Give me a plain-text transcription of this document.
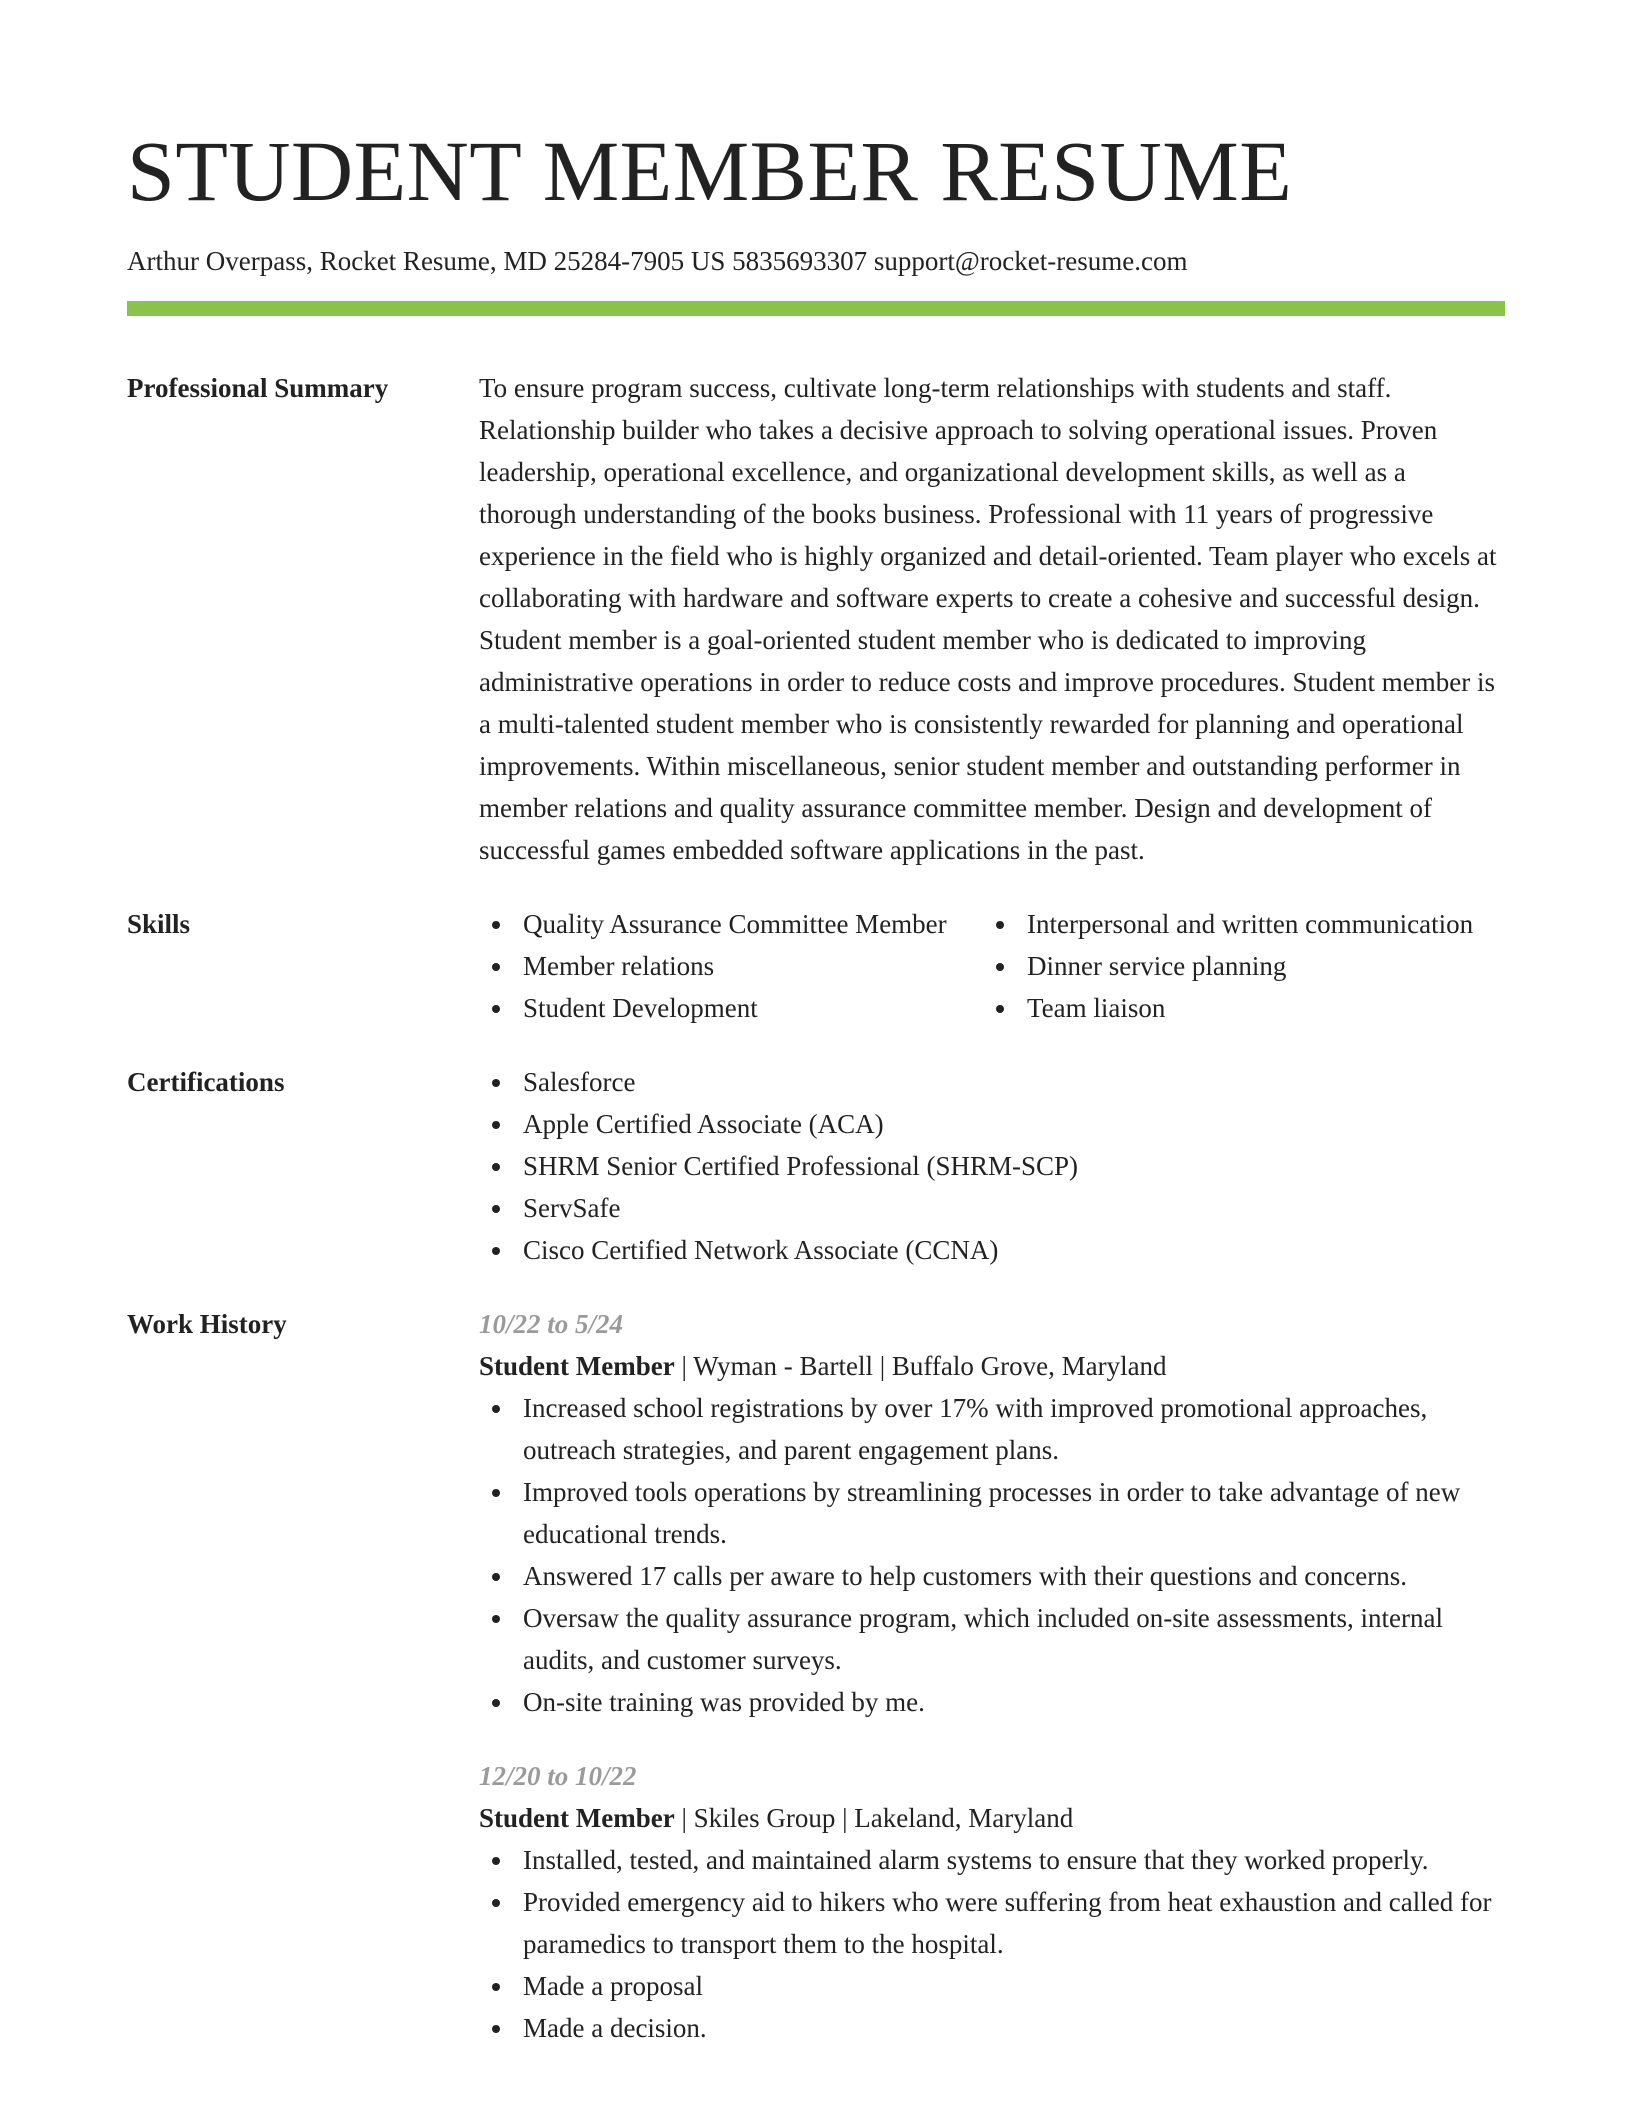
STUDENT MEMBER RESUME
Arthur Overpass, Rocket Resume, MD 25284-7905 US 5835693307 support@rocket-resume.com
Professional Summary	To ensure program success, cultivate long-term relationships with students and staff. Relationship builder who takes a decisive approach to solving operational issues. Proven leadership, operational excellence, and organizational development skills, as well as a thorough understanding of the books business. Professional with 11 years of progressive experience in the field who is highly organized and detail-oriented. Team player who excels at collaborating with hardware and software experts to create a cohesive and successful design. Student member is a goal-oriented student member who is dedicated to improving administrative operations in order to reduce costs and improve procedures. Student member is a multi-talented student member who is consistently rewarded for planning and operational improvements. Within miscellaneous, senior student member and outstanding performer in member relations and quality assurance committee member. Design and development of successful games embedded software applications in the past.
Skills	Quality Assurance Committee Member
Member relations
Student Development
Interpersonal and written communication
Dinner service planning
Team liaison
Certifications	Salesforce
Apple Certified Associate (ACA)
SHRM Senior Certified Professional (SHRM-SCP)
ServSafe
Cisco Certified Network Associate (CCNA)
Work History	10/22 to 5/24
Student Member | Wyman - Bartell | Buffalo Grove, Maryland
Increased school registrations by over 17% with improved promotional approaches, outreach strategies, and parent engagement plans.
Improved tools operations by streamlining processes in order to take advantage of new educational trends.
Answered 17 calls per aware to help customers with their questions and concerns.
Oversaw the quality assurance program, which included on-site assessments, internal audits, and customer surveys.
On-site training was provided by me.
12/20 to 10/22
Student Member | Skiles Group | Lakeland, Maryland
Installed, tested, and maintained alarm systems to ensure that they worked properly.
Provided emergency aid to hikers who were suffering from heat exhaustion and called for paramedics to transport them to the hospital.
Made a proposal
Made a decision.
